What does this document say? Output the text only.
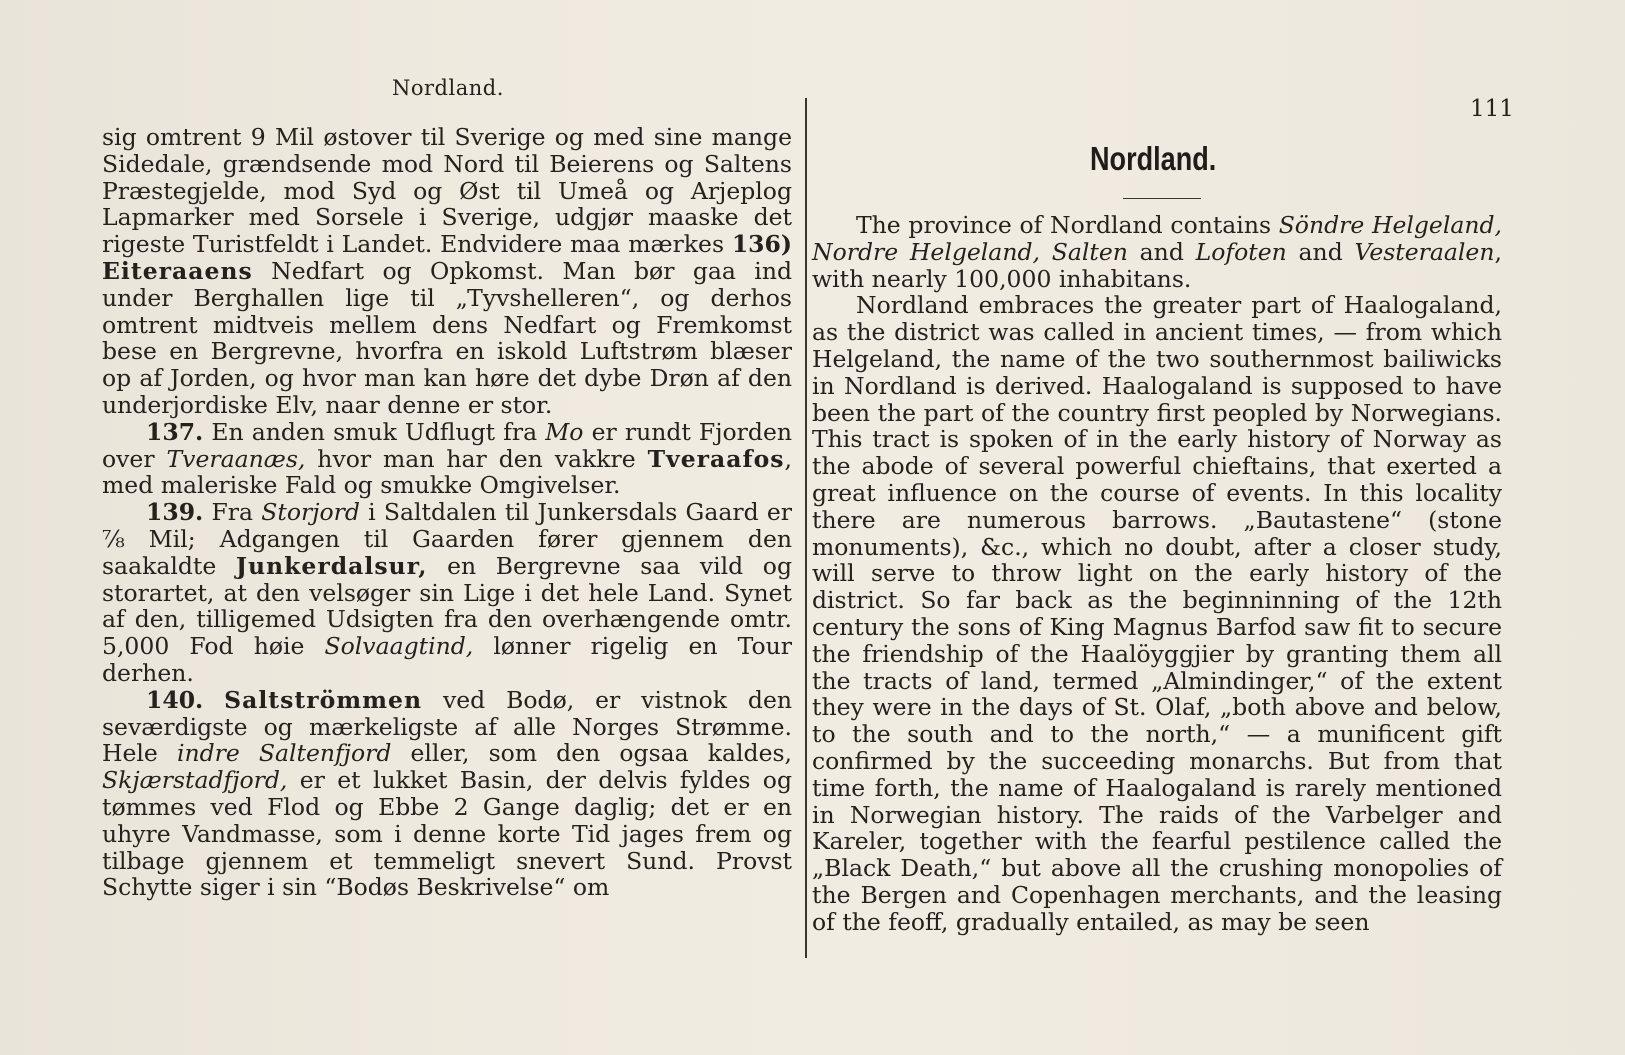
Nordland.
111

sig omtrent 9 Mil østover til Sverige og med sine mange Sidedale, grændsende mod Nord til Beierens og Saltens Præstegjelde, mod Syd og Øst til Umeå og Arjeplog Lapmarker med Sorsele i Sverige, udgjør maaske det rigeste Turistfeldt i Landet. Endvidere maa mærkes 136) Eiteraaens Nedfart og Opkomst. Man bør gaa ind under Berghallen lige til „Tyvshelleren“, og derhos omtrent midtveis mellem dens Nedfart og Fremkomst bese en Bergrevne, hvorfra en iskold Luftstrøm blæser op af Jorden, og hvor man kan høre det dybe Drøn af den underjordiske Elv, naar denne er stor.

137. En anden smuk Udflugt fra Mo er rundt Fjorden over Tveraanæs, hvor man har den vakkre Tveraafos, med maleriske Fald og smukke Omgivelser.

139. Fra Storjord i Saltdalen til Junkersdals Gaard er ⅞ Mil; Adgangen til Gaarden fører gjennem den saakaldte Junkerdalsur, en Bergrevne saa vild og storartet, at den velsøger sin Lige i det hele Land. Synet af den, tilligemed Udsigten fra den overhængende omtr. 5,000 Fod høie Solvaagtind, lønner rigelig en Tour derhen.

140. Saltströmmen ved Bodø, er vistnok den seværdigste og mærkeligste af alle Norges Strømme. Hele indre Saltenfjord eller, som den ogsaa kaldes, Skjærstadfjord, er et lukket Basin, der delvis fyldes og tømmes ved Flod og Ebbe 2 Gange daglig; det er en uhyre Vandmasse, som i denne korte Tid jages frem og tilbage gjennem et temmeligt snevert Sund. Provst Schytte siger i sin “Bodøs Beskrivelse“ om

Nordland.

The province of Nordland contains Söndre Helgeland, Nordre Helgeland, Salten and Lofoten and Vesteraalen, with nearly 100,000 inhabitans.

Nordland embraces the greater part of Haalogaland, as the district was called in ancient times, — from which Helgeland, the name of the two southernmost bailiwicks in Nordland is derived. Haalogaland is supposed to have been the part of the country first peopled by Norwegians. This tract is spoken of in the early history of Norway as the abode of several powerful chieftains, that exerted a great influence on the course of events. In this locality there are numerous barrows. „Bautastene“ (stone monuments), &c., which no doubt, after a closer study, will serve to throw light on the early history of the district. So far back as the beginninning of the 12th century the sons of King Magnus Barfod saw fit to secure the friendship of the Haalöyggjier by granting them all the tracts of land, termed „Almindinger,“ of the extent they were in the days of St. Olaf, „both above and below, to the south and to the north,“ — a munificent gift confirmed by the succeeding monarchs. But from that time forth, the name of Haalogaland is rarely mentioned in Norwegian history. The raids of the Varbelger and Kareler, together with the fearful pestilence called the „Black Death,“ but above all the crushing monopolies of the Bergen and Copenhagen merchants, and the leasing of the feoff, gradually entailed, as may be seen
